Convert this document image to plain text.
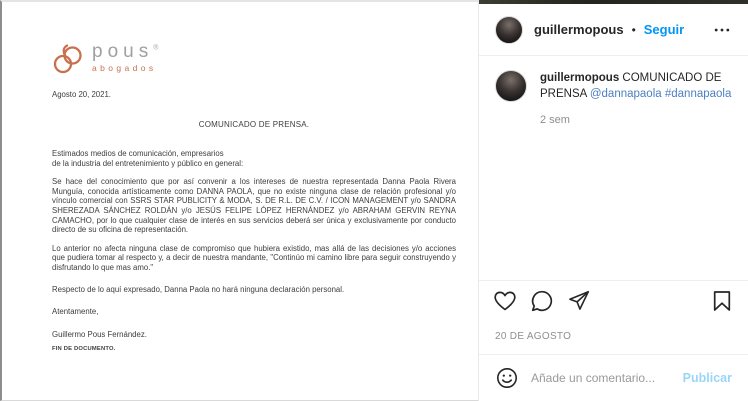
pous®
abogados

Agosto 20, 2021.

COMUNICADO DE PRENSA.

Estimados medios de comunicación, empresarios

de la industria del entretenimiento y público en general:

Se hace del conocimiento que por así convenir a los intereses de nuestra representada Danna Paola Rivera Munguía, conocida artísticamente como DANNA PAOLA, que no existe ninguna clase de relación profesional y/o vínculo comercial con SSRS STAR PUBLICITY & MODA, S. DE R.L. DE C.V. / ICON MANAGEMENT y/o SANDRA SHEREZADA SÁNCHEZ ROLDÁN y/o JESÚS FELIPE LÓPEZ HERNÁNDEZ y/o ABRAHAM GERVIN REYNA CAMACHO, por lo que cualquier clase de interés en sus servicios deberá ser única y exclusivamente por conducto directo de su oficina de representación.

Lo anterior no afecta ninguna clase de compromiso que hubiera existido, mas allá de las decisiones y/o acciones que pudiera tomar al respecto y, a decir de nuestra mandante, "Continúo mi camino libre para seguir construyendo y disfrutando lo que mas amo."

Respecto de lo aquí expresado, Danna Paola no hará ninguna declaración personal.

Atentamente,

Guillermo Pous Fernández.

FIN DE DOCUMENTO.

guillermopous • Seguir
guillermopous COMUNICADO DE PRENSA @dannapaola #dannapaola
2 sem
20 DE AGOSTO
Añade un comentario... Publicar
